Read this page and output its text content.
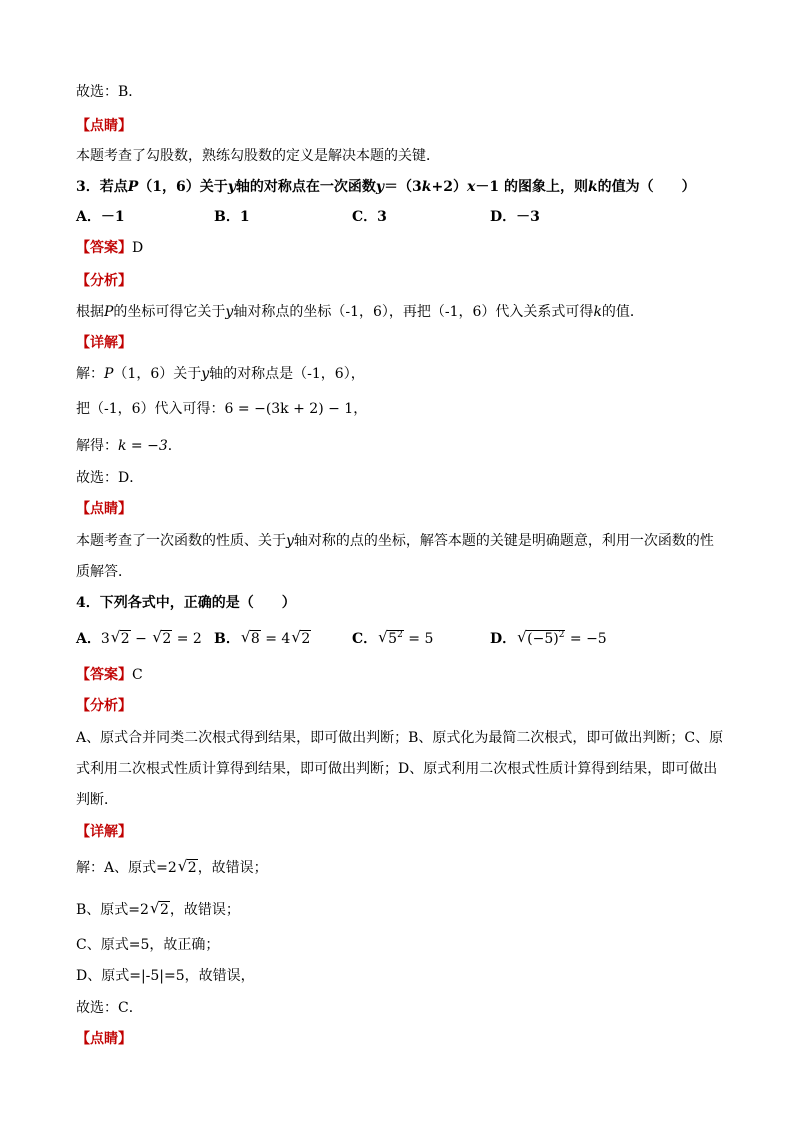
故选：B．
【点睛】
本题考查了勾股数，熟练勾股数的定义是解决本题的关键．
3．若点P（1，6）关于y轴的对称点在一次函数y＝（3k+2）x－1 的图象上，则k的值为（　　）
A．－1	B．1	C．3	D．－3
【答案】D
【分析】
根据P的坐标可得它关于y轴对称点的坐标（-1，6），再把（-1，6）代入关系式可得k的值．
【详解】
解：P（1，6）关于y轴的对称点是（-1，6），
把（-1，6）代入可得：6 = −(3k + 2) − 1，
解得：k = −3．
故选：D．
【点睛】
本题考查了一次函数的性质、关于y轴对称的点的坐标，解答本题的关键是明确题意，利用一次函数的性
质解答．
4．下列各式中，正确的是（　　）
A．3 √ 2 − √ 2 = 2 B． √ 8 = 4 √ 2	C． √ $5^2 = 5$	D． √ $(-5)^2 = -5$
【答案】C
【分析】
A、原式合并同类二次根式得到结果，即可做出判断；B、原式化为最简二次根式，即可做出判断；C、原
式利用二次根式性质计算得到结果，即可做出判断；D、原式利用二次根式性质计算得到结果，即可做出
判断．
【详解】
解：A、原式=2 √ 2，故错误；
B、原式=2 √ 2，故错误；
C、原式=5，故正确；
D、原式=|-5|=5，故错误，
故选：C．
【点睛】
